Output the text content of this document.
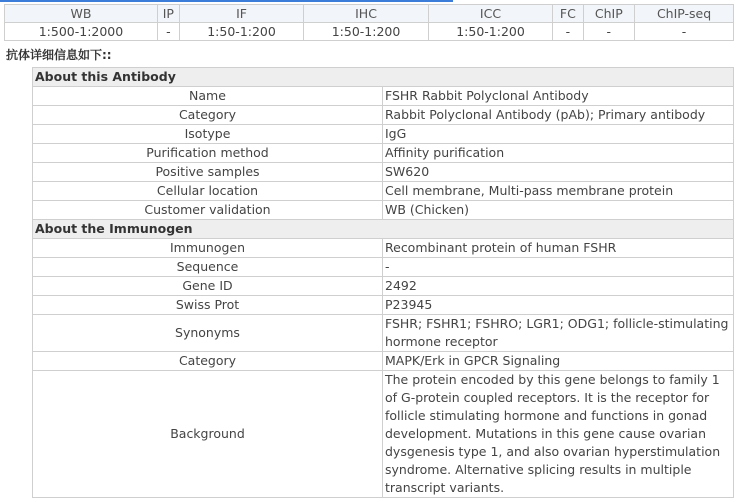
WB	IP	IF	IHC	ICC	FC	ChIP	ChIP-seq
1:500-1:2000	-	1:50-1:200	1:50-1:200	1:50-1:200	-	-	-
抗体详细信息如下::
About this Antibody	
Name	FSHR Rabbit Polyclonal Antibody
Category	Rabbit Polyclonal Antibody (pAb); Primary antibody
Isotype	IgG
Purification method	Affinity purification
Positive samples	SW620
Cellular location	Cell membrane, Multi-pass membrane protein
Customer validation	WB (Chicken)
About the Immunogen	
Immunogen	Recombinant protein of human FSHR
Sequence	-
Gene ID	2492
Swiss Prot	P23945
Synonyms	FSHR; FSHR1; FSHRO; LGR1; ODG1; follicle-stimulating hormone receptor
Category	MAPK/Erk in GPCR Signaling
Background	The protein encoded by this gene belongs to family 1 of G-protein coupled receptors. It is the receptor for follicle stimulating hormone and functions in gonad development. Mutations in this gene cause ovarian dysgenesis type 1, and also ovarian hyperstimulation syndrome. Alternative splicing results in multiple transcript variants.
